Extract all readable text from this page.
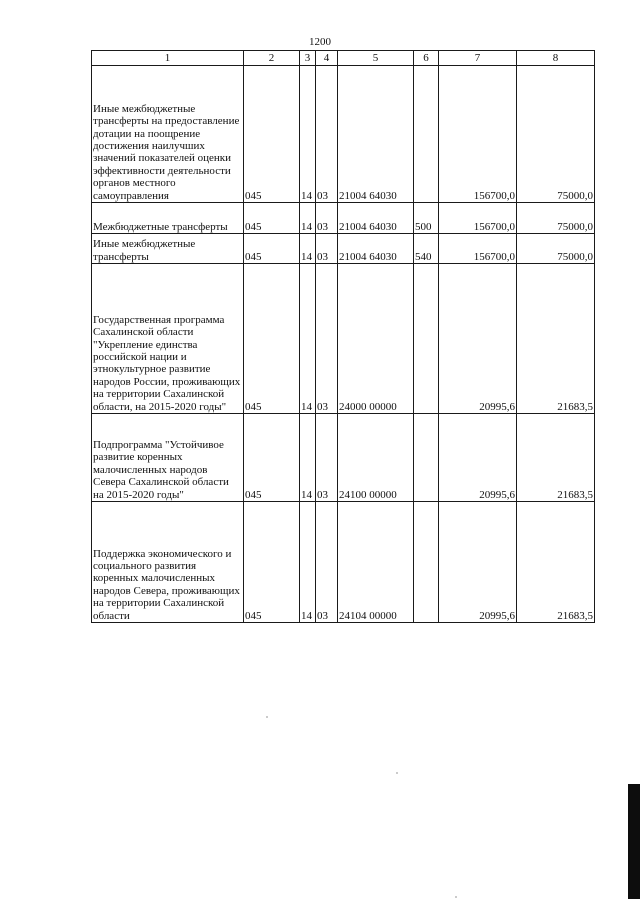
1200
1	2	3	4	5	6	7	8
Иные межбюджетные трансферты на предоставление дотации на поощрение достижения наилучших значений показателей оценки эффективности деятельности органов местного самоуправления	045	14	03	21004 64030		156700,0	75000,0
Межбюджетные трансферты	045	14	03	21004 64030	500	156700,0	75000,0
Иные межбюджетные трансферты	045	14	03	21004 64030	540	156700,0	75000,0
Государственная программа Сахалинской области "Укрепление единства российской нации и этнокультурное развитие народов России, проживающих на территории Сахалинской области, на 2015-2020 годы"	045	14	03	24000 00000		20995,6	21683,5
Подпрограмма "Устойчивое развитие коренных малочисленных народов Севера Сахалинской области на 2015-2020 годы"	045	14	03	24100 00000		20995,6	21683,5
Поддержка экономического и социального развития коренных малочисленных народов Севера, проживающих на территории Сахалинской области	045	14	03	24104 00000		20995,6	21683,5
